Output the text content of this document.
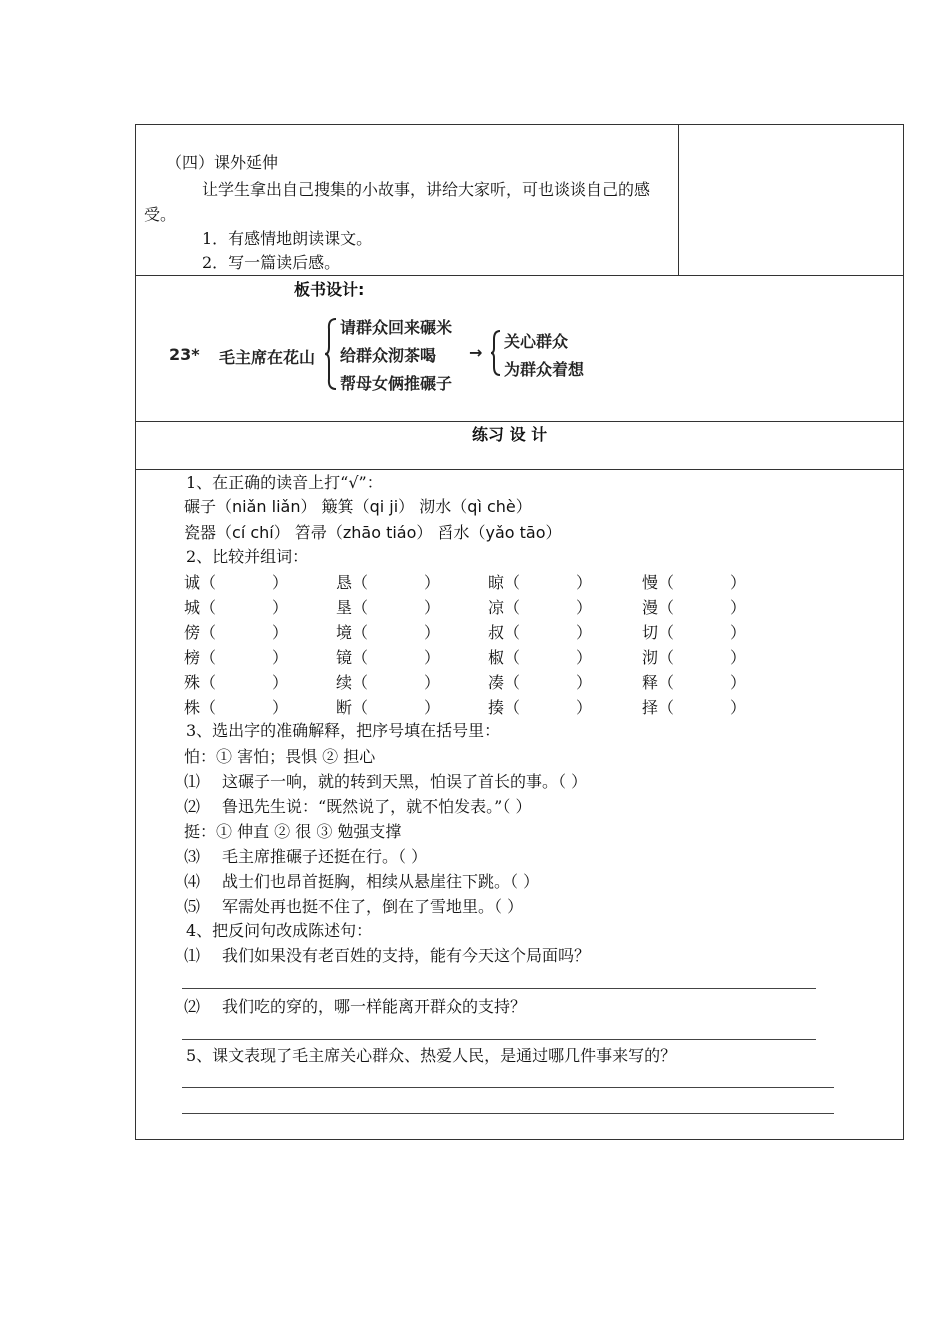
（四）课外延伸
让学生拿出自己搜集的小故事，讲给大家听，可也谈谈自己的感受。
1．有感情地朗读课文。
2．写一篇读后感。
板书设计:
23* 毛主席在花山
请群众回来碾米
给群众沏茶喝
帮母女俩推碾子
→
关心群众
为群众着想
练习 设 计
1、在正确的读音上打“√”：
碾子（niǎn liǎn） 簸箕（qi ji） 沏水（qì chè）
瓷器（cí chí） 笤帚（zhāo tiáo） 舀水（yǎo tāo）
2、比较并组词：
诚（	）	恳（	）	晾（	）	慢（	）
城（	）	垦（	）	凉（	）	漫（	）
傍（	）	境（	）	叔（	）	切（	）
榜（	）	镜（	）	椒（	）	沏（	）
殊（	）	续（	）	凑（	）	释（	）
株（	）	断（	）	揍（	）	择（	）
3、选出字的准确解释，把序号填在括号里：
怕：① 害怕；畏惧 ② 担心
⑴ 这碾子一响，就的转到天黑，怕误了首长的事。（ ）
⑵ 鲁迅先生说：“既然说了，就不怕发表。”（ ）
挺：① 伸直 ② 很 ③ 勉强支撑
⑶ 毛主席推碾子还挺在行。（ ）
⑷ 战士们也昂首挺胸，相续从悬崖往下跳。（ ）
⑸ 军需处再也挺不住了，倒在了雪地里。（ ）
4、把反问句改成陈述句：
⑴ 我们如果没有老百姓的支持，能有今天这个局面吗？
⑵ 我们吃的穿的，哪一样能离开群众的支持？
5、课文表现了毛主席关心群众、热爱人民，是通过哪几件事来写的？
